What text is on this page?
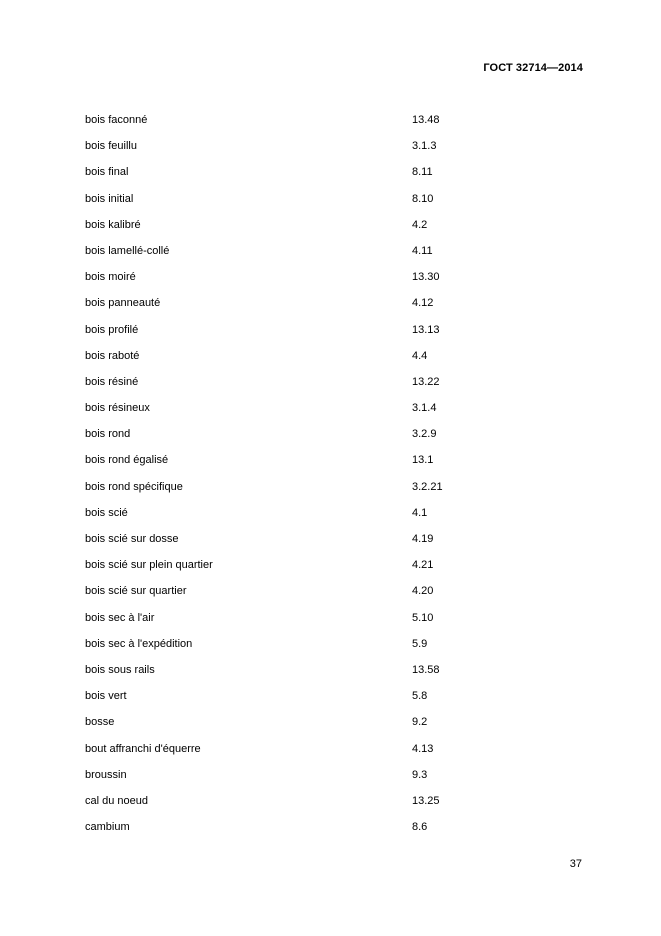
ГОСТ 32714—2014
bois faconné	13.48
bois feuillu	3.1.3
bois final	8.11
bois initial	8.10
bois kalibré	4.2
bois lamellé-collé	4.11
bois moiré	13.30
bois panneauté	4.12
bois profilé	13.13
bois raboté	4.4
bois résiné	13.22
bois résineux	3.1.4
bois rond	3.2.9
bois rond égalisé	13.1
bois rond spécifique	3.2.21
bois scié	4.1
bois scié sur dosse	4.19
bois scié sur plein quartier	4.21
bois scié sur quartier	4.20
bois sec à l'air	5.10
bois sec à l'expédition	5.9
bois sous rails	13.58
bois vert	5.8
bosse	9.2
bout affranchi d'équerre	4.13
broussin	9.3
cal du noeud	13.25
cambium	8.6
37
